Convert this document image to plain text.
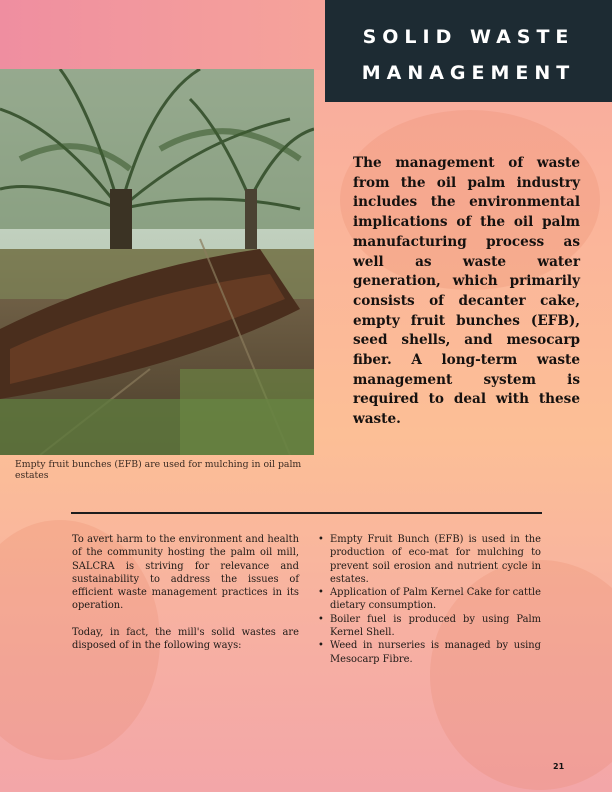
SOLID WASTE
MANAGEMENT
Empty fruit bunches (EFB) are used for mulching in oil palm estates

The management of waste from the oil palm industry includes the environmental implications of the oil palm manufacturing process as well as waste water generation, which primarily consists of decanter cake, empty fruit bunches (EFB), seed shells, and mesocarp fiber. A long-term waste management system is required to deal with these waste.

To avert harm to the environment and health of the community hosting the palm oil mill, SALCRA is striving for relevance and sustainability to address the issues of efficient waste management practices in its operation.

Today, in fact, the mill's solid wastes are disposed of in the following ways:

• Empty Fruit Bunch (EFB) is used in the production of eco-mat for mulching to prevent soil erosion and nutrient cycle in estates.
• Application of Palm Kernel Cake for cattle dietary consumption.
• Boiler fuel is produced by using Palm Kernel Shell.
• Weed in nurseries is managed by using Mesocarp Fibre.
21
